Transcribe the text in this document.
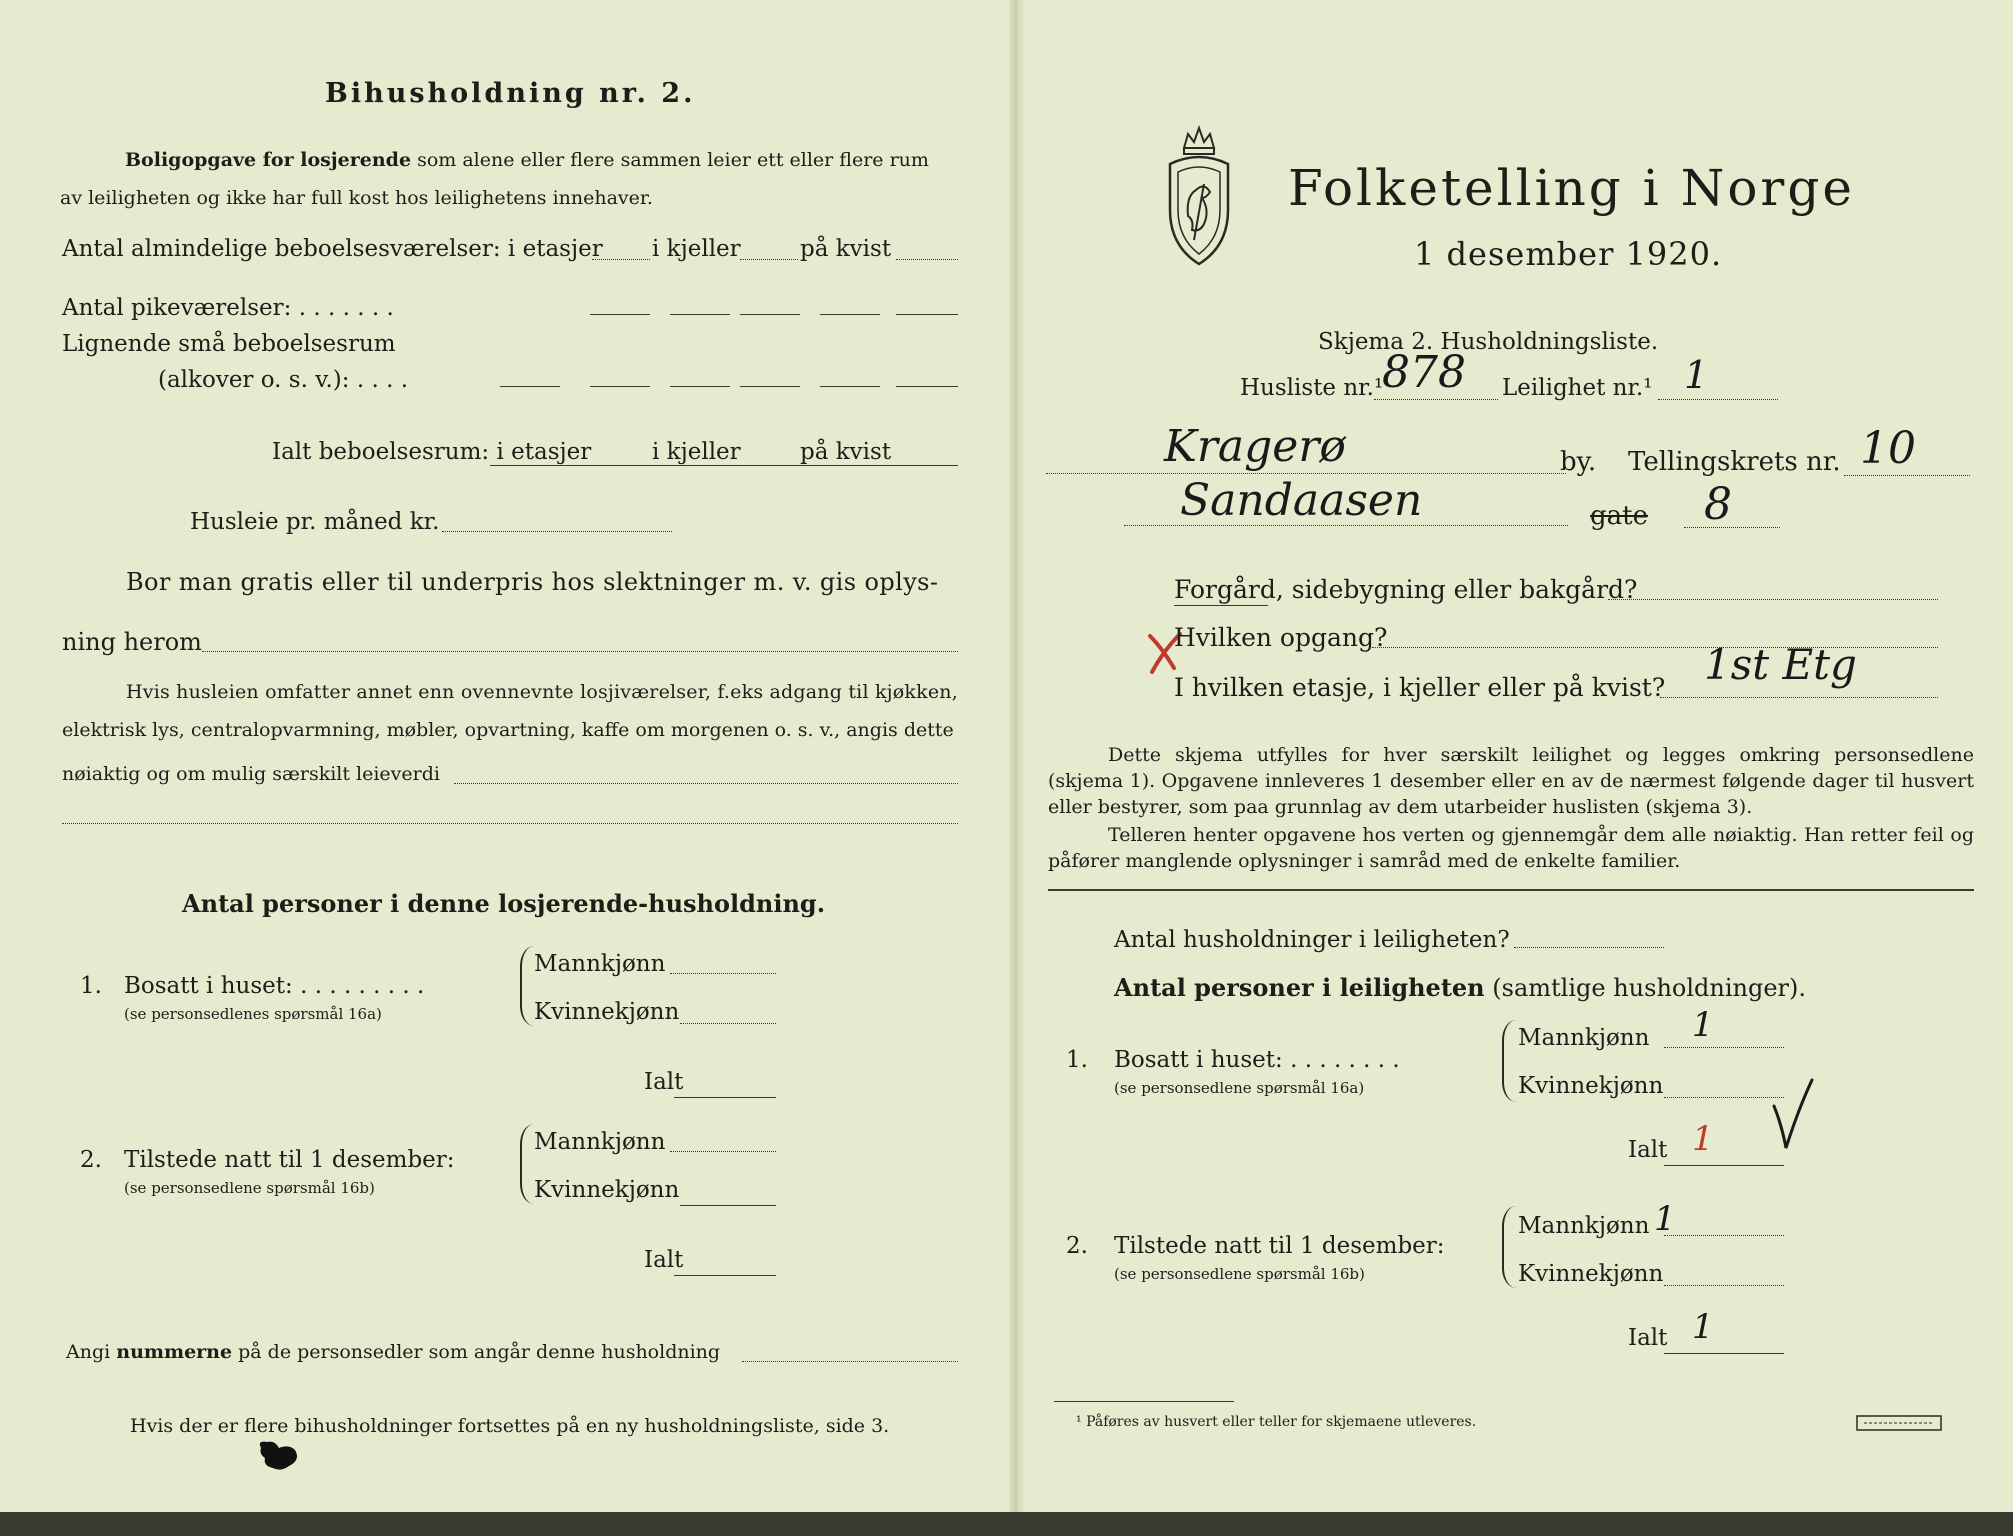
Bihusholdning nr. 2.
Boligopgave for losjerende som alene eller flere sammen leier ett eller flere rum
av leiligheten og ikke har full kost hos leilighetens innehaver.
Antal almindelige beboelsesværelser: i etasjer i kjeller	på kvist
Antal pikeværelser: . . . . . . .
Lignende små beboelsesrum
(alkover o. s. v.): . . . .
Ialt beboelsesrum: i etasjer	i kjeller	på kvist
Husleie pr. måned kr.
Bor man gratis eller til underpris hos slektninger m. v. gis oplys-
ning herom
Hvis husleien omfatter annet enn ovennevnte losjiværelser, f.eks adgang til kjøkken,
elektrisk lys, centralopvarmning, møbler, opvartning, kaffe om morgenen o. s. v., angis dette
nøiaktig og om mulig særskilt leieverdi
Antal personer i denne losjerende-husholdning.
1. Bosatt i huset: . . . . . . . . .
(se personsedlenes spørsmål 16a)
Mannkjønn
Kvinnekjønn
Ialt
2. Tilstede natt til 1 desember:
(se personsedlene spørsmål 16b)
Mannkjønn
Kvinnekjønn
Ialt
Angi nummerne på de personsedler som angår denne husholdning
Hvis der er flere bihusholdninger fortsettes på en ny husholdningsliste, side 3.
Folketelling i Norge
1 desember 1920.
Skjema 2. Husholdningsliste.
Husliste nr.¹
878 Leilighet nr.¹ 1
Kragerø	by. Tellingskrets nr. 10
Sandaasen	gate 8
Forgård, sidebygning eller bakgård?
Hvilken opgang?
I hvilken etasje, i kjeller eller på kvist? 1st Etg
Dette skjema utfylles for hver særskilt leilighet og legges omkring personsedlene (skjema 1). Opgavene innleveres 1 desember eller en av de nærmest følgende dager til husvert eller bestyrer, som paa grunnlag av dem utarbeider huslisten (skjema 3).
Telleren henter opgavene hos verten og gjennemgår dem alle nøiaktig. Han retter feil og påfører manglende oplysninger i samråd med de enkelte familier.
Antal husholdninger i leiligheten?
Antal personer i leiligheten (samtlige husholdninger).
1. Bosatt i huset: . . . . . . . .
(se personsedlene spørsmål 16a)
Mannkjønn 1
Kvinnekjønn
Ialt 1
2. Tilstede natt til 1 desember:
(se personsedlene spørsmål 16b)
Mannkjønn 1
Kvinnekjønn
Ialt 1
¹ Påføres av husvert eller teller for skjemaene utleveres.
